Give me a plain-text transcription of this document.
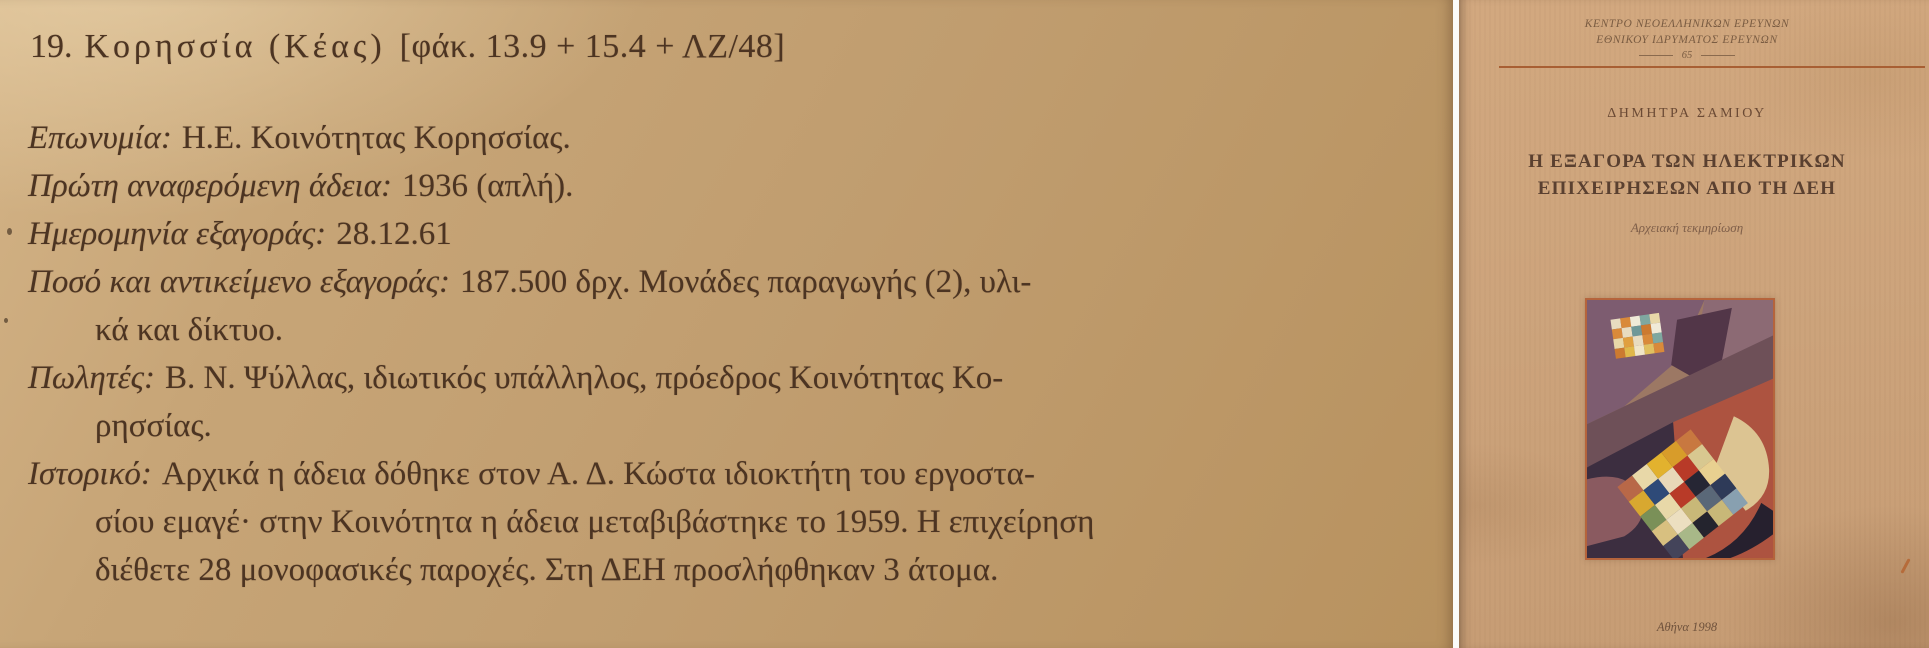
19. Κορησσία (Κέας) [φάκ. 13.9 + 15.4 + ΛΖ/48]
Επωνυμία: Η.Ε. Κοινότητας Κορησσίας.
Πρώτη αναφερόμενη άδεια: 1936 (απλή).
Ημερομηνία εξαγοράς: 28.12.61
Ποσό και αντικείμενο εξαγοράς: 187.500 δρχ. Μονάδες παραγωγής (2), υλι-
κά και δίκτυο.
Πωλητές: Β. Ν. Ψύλλας, ιδιωτικός υπάλληλος, πρόεδρος Κοινότητας Κο-
ρησσίας.
Ιστορικό: Αρχικά η άδεια δόθηκε στον Α. Δ. Κώστα ιδιοκτήτη του εργοστα-
σίου εμαγέ· στην Κοινότητα η άδεια μεταβιβάστηκε το 1959. Η επιχείρηση
διέθετε 28 μονοφασικές παροχές. Στη ΔΕΗ προσλήφθηκαν 3 άτομα.
ΚΕΝΤΡΟ ΝΕΟΕΛΛΗΝΙΚΩΝ ΕΡΕΥΝΩΝ
ΕΘΝΙΚΟΥ ΙΔΡΥΜΑΤΟΣ ΕΡΕΥΝΩΝ
65
ΔΗΜΗΤΡΑ ΣΑΜΙΟΥ
Η ΕΞΑΓΟΡΑ ΤΩΝ ΗΛΕΚΤΡΙΚΩΝ
ΕΠΙΧΕΙΡΗΣΕΩΝ ΑΠΟ ΤΗ ΔΕΗ
Αρχειακή τεκμηρίωση
Αθήνα 1998
